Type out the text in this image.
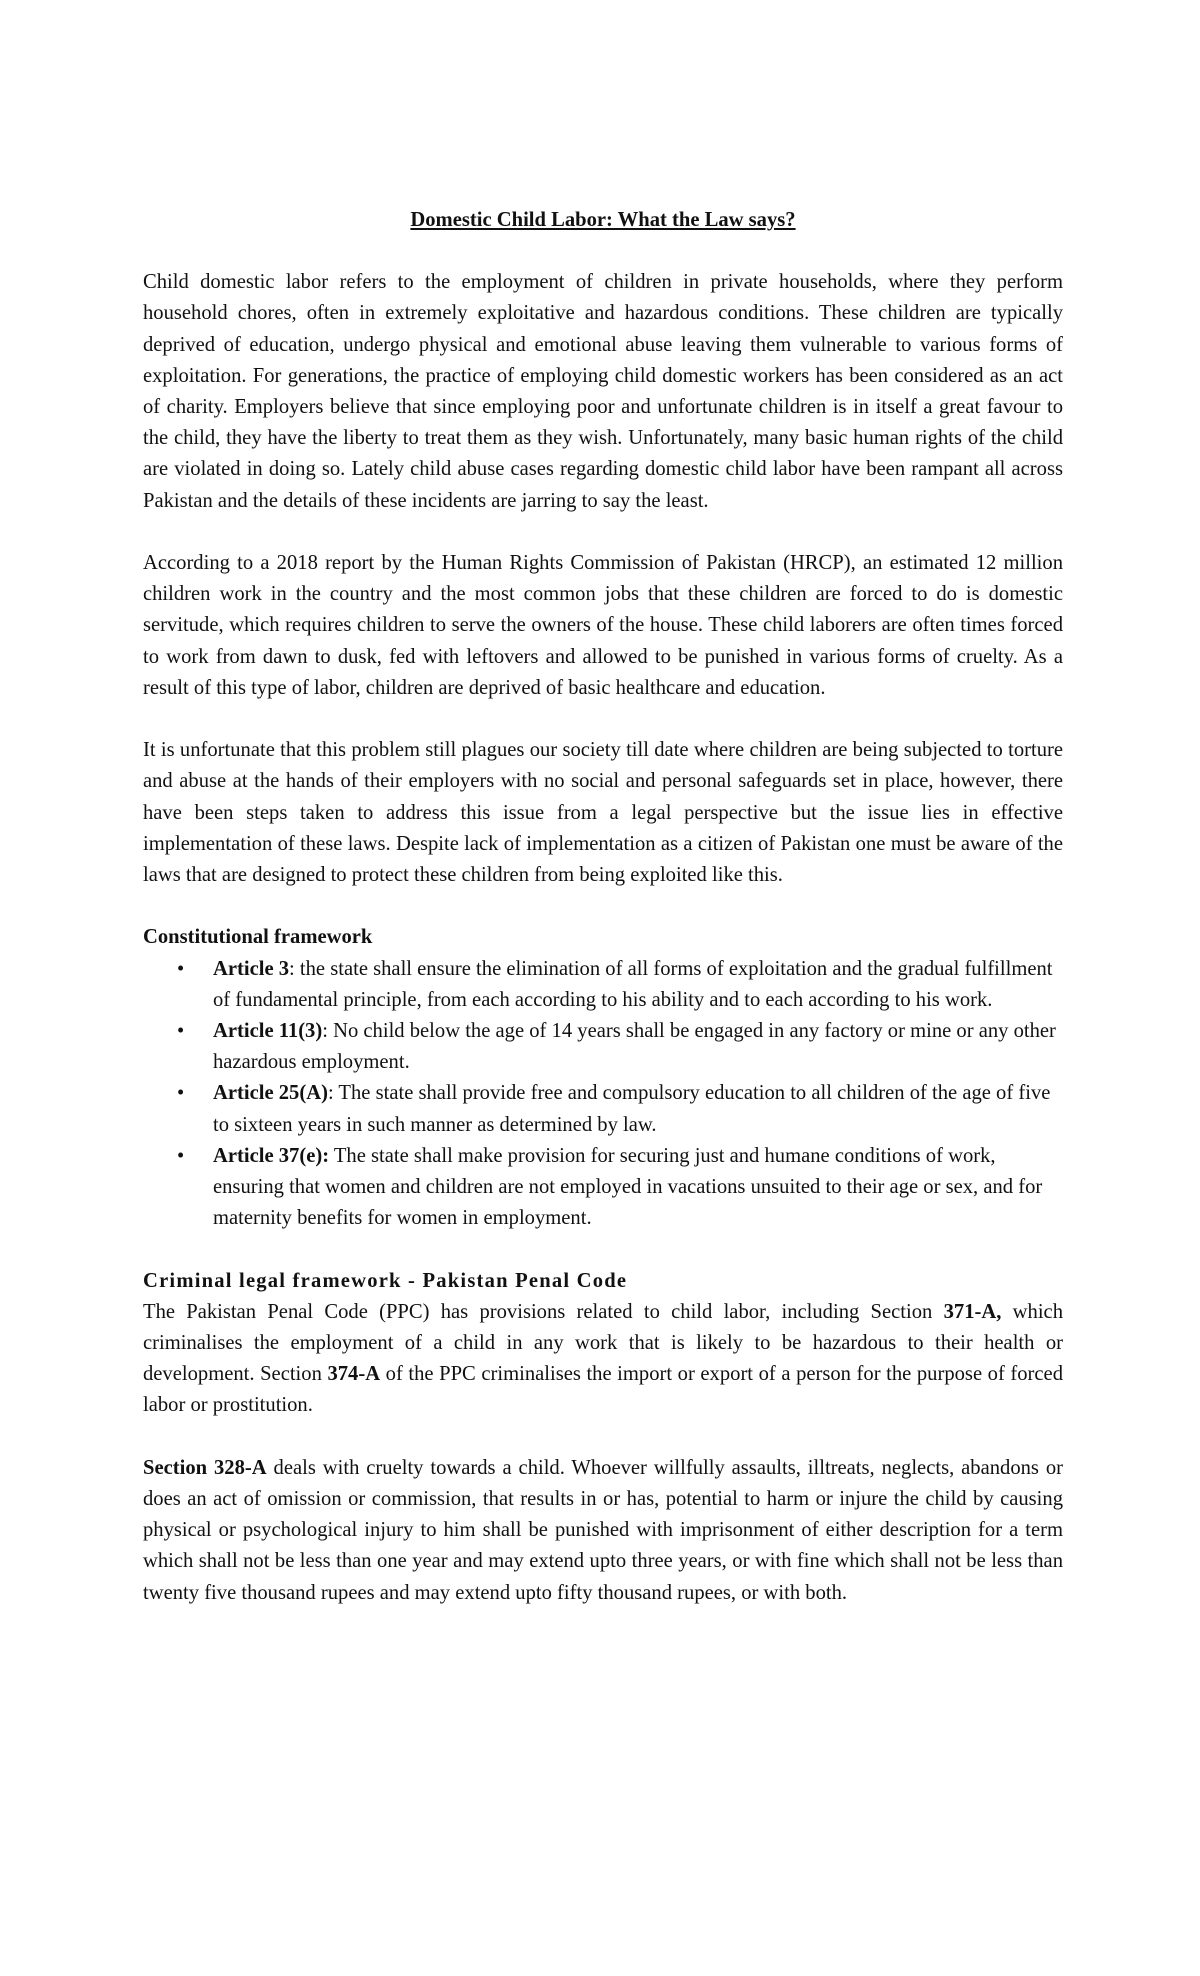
Domestic Child Labor: What the Law says?

Child domestic labor refers to the employment of children in private households, where they perform household chores, often in extremely exploitative and hazardous conditions. These children are typically deprived of education, undergo physical and emotional abuse leaving them vulnerable to various forms of exploitation. For generations, the practice of employing child domestic workers has been considered as an act of charity. Employers believe that since employing poor and unfortunate children is in itself a great favour to the child, they have the liberty to treat them as they wish. Unfortunately, many basic human rights of the child are violated in doing so. Lately child abuse cases regarding domestic child labor have been rampant all across Pakistan and the details of these incidents are jarring to say the least.

According to a 2018 report by the Human Rights Commission of Pakistan (HRCP), an estimated 12 million children work in the country and the most common jobs that these children are forced to do is domestic servitude, which requires children to serve the owners of the house. These child laborers are often times forced to work from dawn to dusk, fed with leftovers and allowed to be punished in various forms of cruelty. As a result of this type of labor, children are deprived of basic healthcare and education.

It is unfortunate that this problem still plagues our society till date where children are being subjected to torture and abuse at the hands of their employers with no social and personal safeguards set in place, however, there have been steps taken to address this issue from a legal perspective but the issue lies in effective implementation of these laws. Despite lack of implementation as a citizen of Pakistan one must be aware of the laws that are designed to protect these children from being exploited like this.

Constitutional framework
• Article 3: the state shall ensure the elimination of all forms of exploitation and the gradual fulfillment of fundamental principle, from each according to his ability and to each according to his work.
• Article 11(3): No child below the age of 14 years shall be engaged in any factory or mine or any other hazardous employment.
• Article 25(A): The state shall provide free and compulsory education to all children of the age of five to sixteen years in such manner as determined by law.
• Article 37(e): The state shall make provision for securing just and humane conditions of work, ensuring that women and children are not employed in vacations unsuited to their age or sex, and for maternity benefits for women in employment.
Criminal legal framework - Pakistan Penal Code
The Pakistan Penal Code (PPC) has provisions related to child labor, including Section 371-A, which criminalises the employment of a child in any work that is likely to be hazardous to their health or development. Section 374-A of the PPC criminalises the import or export of a person for the purpose of forced labor or prostitution.

Section 328-A deals with cruelty towards a child. Whoever willfully assaults, illtreats, neglects, abandons or does an act of omission or commission, that results in or has, potential to harm or injure the child by causing physical or psychological injury to him shall be punished with imprisonment of either description for a term which shall not be less than one year and may extend upto three years, or with fine which shall not be less than twenty five thousand rupees and may extend upto fifty thousand rupees, or with both.
